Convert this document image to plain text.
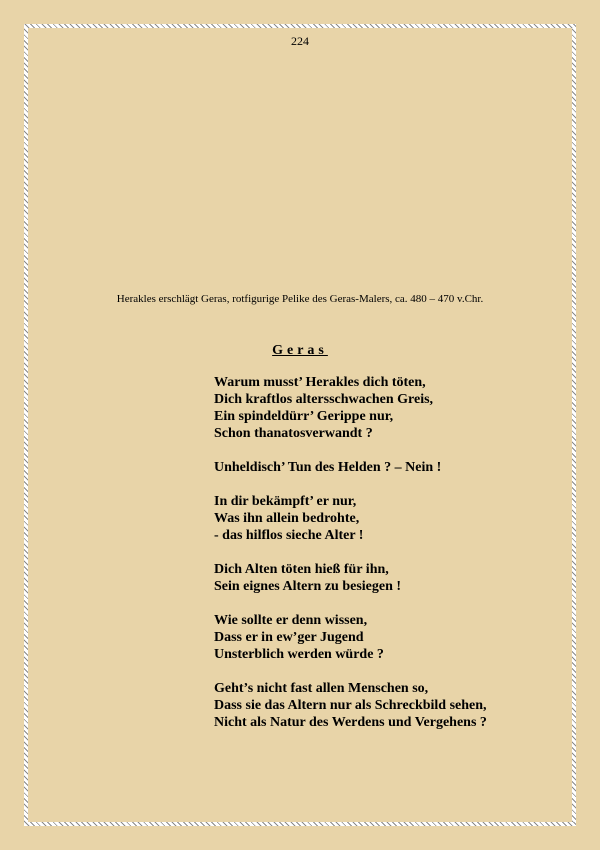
224
Herakles erschlägt Geras, rotfigurige Pelike des Geras-Malers, ca. 480 – 470 v.Chr.
Geras
Warum musst’ Herakles dich töten,
Dich kraftlos altersschwachen Greis,
Ein spindeldürr’ Gerippe nur,
Schon thanatosverwandt ?
Unheldisch’ Tun des Helden ? – Nein !
In dir bekämpft’ er nur,
Was ihn allein bedrohte,
- das hilflos sieche Alter !
Dich Alten töten hieß für ihn,
Sein eignes Altern zu besiegen !
Wie sollte er denn wissen,
Dass er in ew’ger Jugend
Unsterblich werden würde ?
Geht’s nicht fast allen Menschen so,
Dass sie das Altern nur als Schreckbild sehen,
Nicht als Natur des Werdens und Vergehens ?
